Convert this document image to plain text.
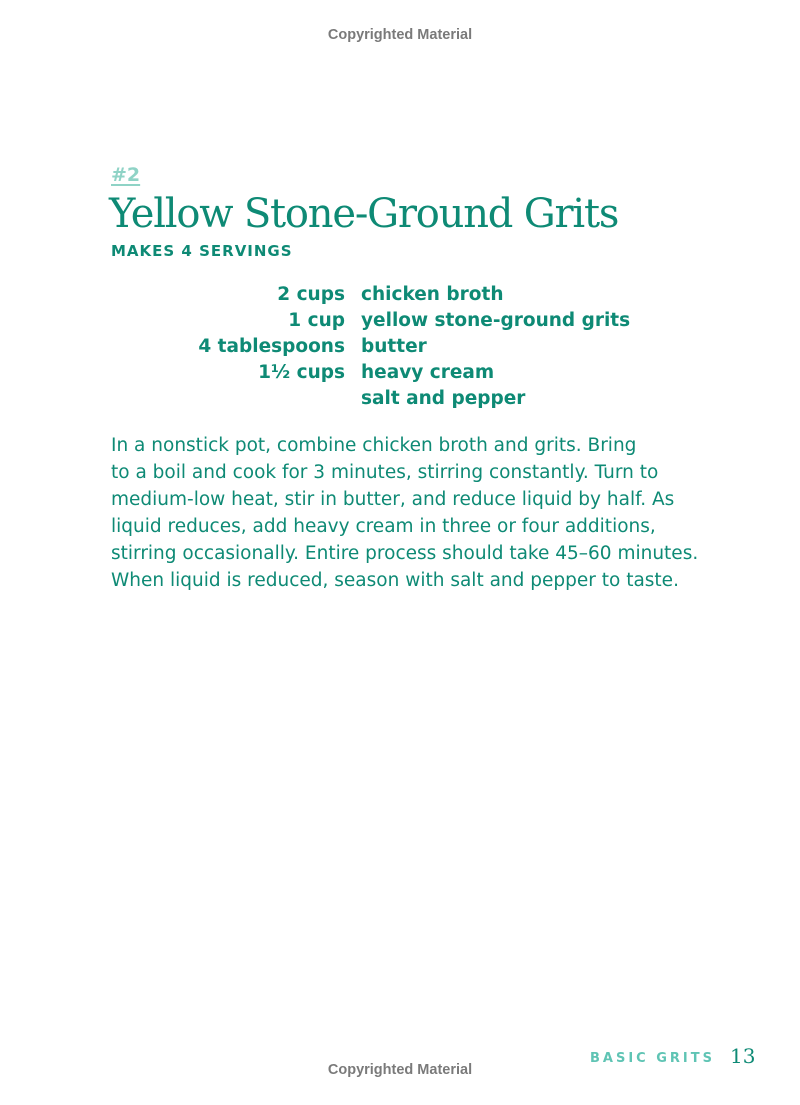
Copyrighted Material
#2
Yellow Stone-Ground Grits
MAKES 4 SERVINGS
2 cups chicken broth
1 cup yellow stone-ground grits
4 tablespoons butter
1½ cups heavy cream
salt and pepper

In a nonstick pot, combine chicken broth and grits. Bring
to a boil and cook for 3 minutes, stirring constantly. Turn to
medium-low heat, stir in butter, and reduce liquid by half. As
liquid reduces, add heavy cream in three or four additions,
stirring occasionally. Entire process should take 45–60 minutes.
When liquid is reduced, season with salt and pepper to taste.

BASIC GRITS 13
Copyrighted Material
